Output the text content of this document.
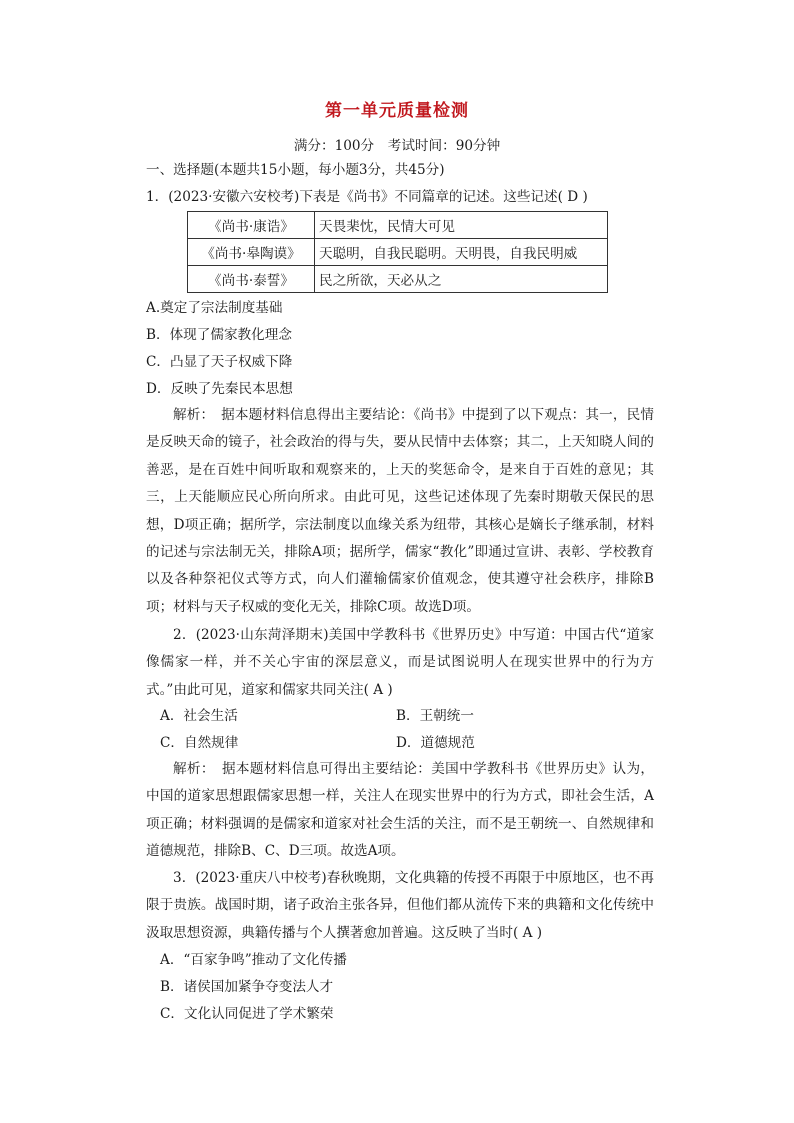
第一单元质量检测
满分：100分　考试时间：90分钟
一、选择题(本题共15小题，每小题3分，共45分)
1．(2023·安徽六安校考)下表是《尚书》不同篇章的记述。这些记述( D )
《尚书·康诰》	天畏棐忱，民情大可见
《尚书·皋陶谟》	天聪明，自我民聪明。天明畏，自我民明威
《尚书·泰誓》	民之所欲，天必从之
A.奠定了宗法制度基础
B．体现了儒家教化理念
C．凸显了天子权威下降
D．反映了先秦民本思想
解析：　据本题材料信息得出主要结论：《尚书》中提到了以下观点：其一，民情是反映天命的镜子，社会政治的得与失，要从民情中去体察；其二，上天知晓人间的善恶，是在百姓中间听取和观察来的，上天的奖惩命令，是来自于百姓的意见；其三，上天能顺应民心所向所求。由此可见，这些记述体现了先秦时期敬天保民的思想，D项正确；据所学，宗法制度以血缘关系为纽带，其核心是嫡长子继承制，材料的记述与宗法制无关，排除A项；据所学，儒家“教化”即通过宣讲、表彰、学校教育以及各种祭祀仪式等方式，向人们灌输儒家价值观念，使其遵守社会秩序，排除B项；材料与天子权威的变化无关，排除C项。故选D项。
2．(2023·山东菏泽期末)美国中学教科书《世界历史》中写道：中国古代“道家像儒家一样，并不关心宇宙的深层意义，而是试图说明人在现实世界中的行为方式。”由此可见，道家和儒家共同关注( A )
A．社会生活	B．王朝统一
C．自然规律	D．道德规范
解析：　据本题材料信息可得出主要结论：美国中学教科书《世界历史》认为，中国的道家思想跟儒家思想一样，关注人在现实世界中的行为方式，即社会生活，A项正确；材料强调的是儒家和道家对社会生活的关注，而不是王朝统一、自然规律和道德规范，排除B、C、D三项。故选A项。
3．(2023·重庆八中校考)春秋晚期，文化典籍的传授不再限于中原地区，也不再限于贵族。战国时期，诸子政治主张各异，但他们都从流传下来的典籍和文化传统中汲取思想资源，典籍传播与个人撰著愈加普遍。这反映了当时( A )
A．“百家争鸣”推动了文化传播
B．诸侯国加紧争夺变法人才
C．文化认同促进了学术繁荣
